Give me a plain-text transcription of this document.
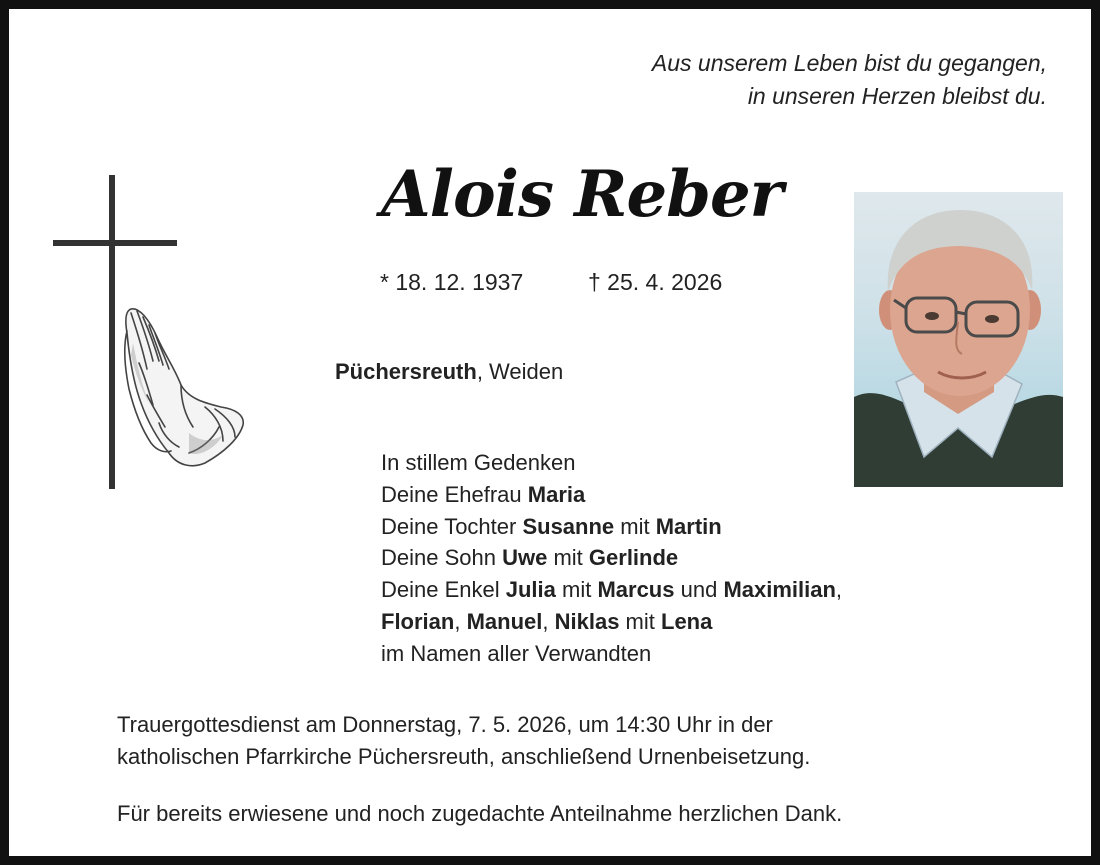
Aus unserem Leben bist du gegangen,
in unseren Herzen bleibst du.
Alois Reber
* 18. 12. 1937	† 25. 4. 2026
Püchersreuth, Weiden
In stillem Gedenken
Deine Ehefrau Maria
Deine Tochter Susanne mit Martin
Deine Sohn Uwe mit Gerlinde
Deine Enkel Julia mit Marcus und Maximilian,
Florian, Manuel, Niklas mit Lena
im Namen aller Verwandten
Trauergottesdienst am Donnerstag, 7. 5. 2026, um 14:30 Uhr in der
katholischen Pfarrkirche Püchersreuth, anschließend Urnenbeisetzung.
Für bereits erwiesene und noch zugedachte Anteilnahme herzlichen Dank.
